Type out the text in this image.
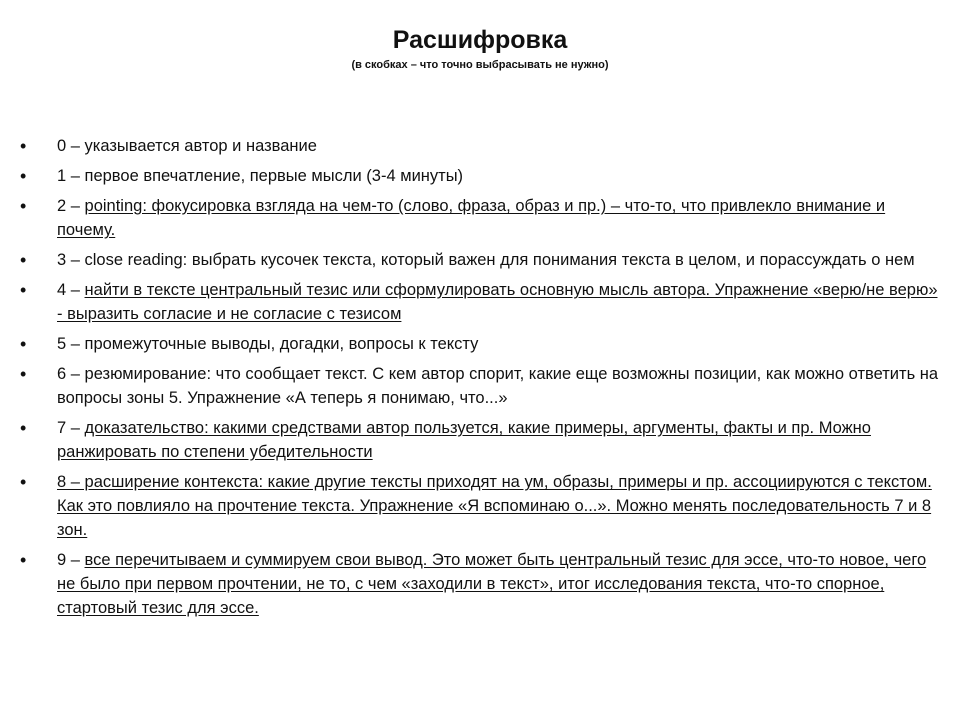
Расшифровка
(в скобках – что точно выбрасывать не нужно)
•	0 – указывается автор и название
•	1 – первое впечатление, первые мысли (3-4 минуты)
•	2 – pointing: фокусировка взгляда на чем-то (слово, фраза, образ и пр.) – что-то, что привлекло внимание и почему.
•	3 – close reading: выбрать кусочек текста, который важен для понимания текста в целом, и порассуждать о нем
•	4 – найти в тексте центральный тезис или сформулировать основную мысль автора. Упражнение «верю/не верю» - выразить согласие и не согласие с тезисом
•	5 – промежуточные выводы, догадки, вопросы к тексту
•	6 – резюмирование: что сообщает текст. С кем автор спорит, какие еще возможны позиции, как можно ответить на вопросы зоны 5. Упражнение «А теперь я понимаю, что...»
•	7 – доказательство: какими средствами автор пользуется, какие примеры, аргументы, факты и пр. Можно ранжировать по степени убедительности
•	8 – расширение контекста: какие другие тексты приходят на ум, образы, примеры и пр. ассоциируются с текстом. Как это повлияло на прочтение текста. Упражнение «Я вспоминаю о...». Можно менять последовательность 7 и 8 зон.
•	9 – все перечитываем и суммируем свои вывод. Это может быть центральный тезис для эссе, что-то новое, чего не было при первом прочтении, не то, с чем «заходили в текст», итог исследования текста, что-то спорное, стартовый тезис для эссе.
